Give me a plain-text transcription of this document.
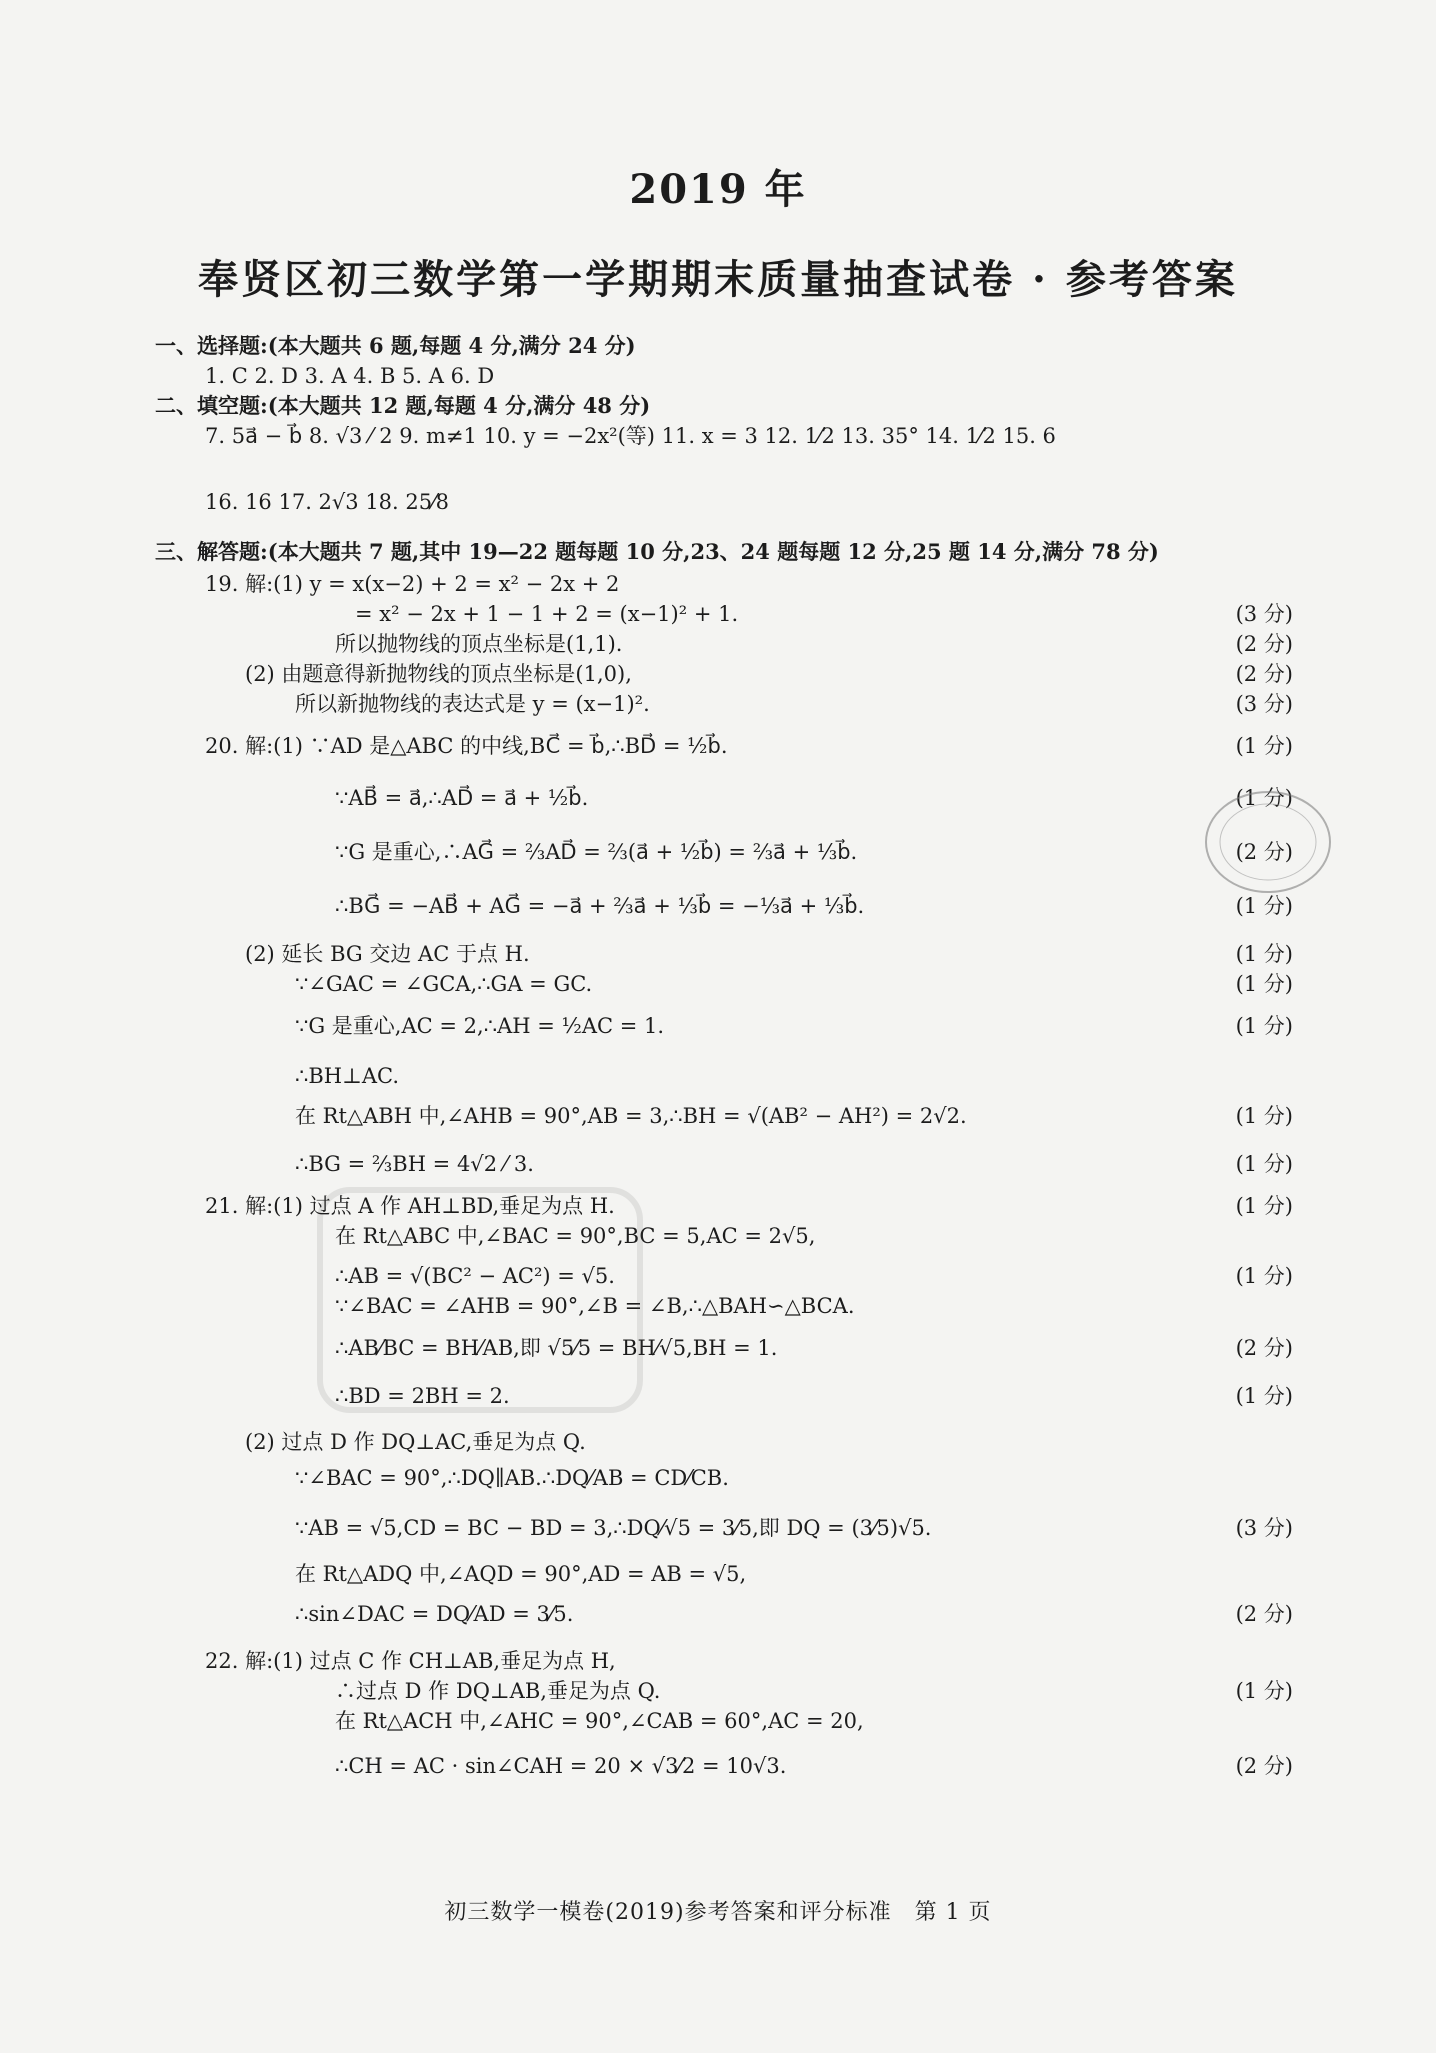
2019 年
奉贤区初三数学第一学期期末质量抽查试卷 · 参考答案
一、选择题:(本大题共 6 题,每题 4 分,满分 24 分)
1. C 2. D 3. A 4. B 5. A 6. D
二、填空题:(本大题共 12 题,每题 4 分,满分 48 分)
7. 5a⃗ − b⃗ 8. √3 ⁄ 2 9. m≠1 10. y = −2x²(等) 11. x = 3 12. 1⁄2 13. 35° 14. 1⁄2 15. 6
16. 16 17. 2√3 18. 25⁄8
三、解答题:(本大题共 7 题,其中 19—22 题每题 10 分,23、24 题每题 12 分,25 题 14 分,满分 78 分)
19. 解:(1) y = x(x−2) + 2 = x² − 2x + 2
= x² − 2x + 1 − 1 + 2 = (x−1)² + 1.	(3 分)
所以抛物线的顶点坐标是(1,1).	(2 分)
(2) 由题意得新抛物线的顶点坐标是(1,0),	(2 分)
所以新抛物线的表达式是 y = (x−1)².	(3 分)
20. 解:(1) ∵AD 是△ABC 的中线,BC⃗ = b⃗,∴BD⃗ = ½b⃗.	(1 分)
∵AB⃗ = a⃗,∴AD⃗ = a⃗ + ½b⃗.	(1 分)
∵G 是重心,∴AG⃗ = ⅔AD⃗ = ⅔(a⃗ + ½b⃗) = ⅔a⃗ + ⅓b⃗.	(2 分)
∴BG⃗ = −AB⃗ + AG⃗ = −a⃗ + ⅔a⃗ + ⅓b⃗ = −⅓a⃗ + ⅓b⃗.	(1 分)
(2) 延长 BG 交边 AC 于点 H.	(1 分)
∵∠GAC = ∠GCA,∴GA = GC.	(1 分)
∵G 是重心,AC = 2,∴AH = ½AC = 1.	(1 分)
∴BH⊥AC.
在 Rt△ABH 中,∠AHB = 90°,AB = 3,∴BH = √(AB² − AH²) = 2√2.	(1 分)
∴BG = ⅔BH = 4√2 ⁄ 3.	(1 分)
21. 解:(1) 过点 A 作 AH⊥BD,垂足为点 H.	(1 分)
在 Rt△ABC 中,∠BAC = 90°,BC = 5,AC = 2√5,
∴AB = √(BC² − AC²) = √5.	(1 分)
∵∠BAC = ∠AHB = 90°,∠B = ∠B,∴△BAH∽△BCA.
∴AB⁄BC = BH⁄AB,即 √5⁄5 = BH⁄√5,BH = 1.	(2 分)
∴BD = 2BH = 2.	(1 分)
(2) 过点 D 作 DQ⊥AC,垂足为点 Q.
∵∠BAC = 90°,∴DQ∥AB.∴DQ⁄AB = CD⁄CB.
∵AB = √5,CD = BC − BD = 3,∴DQ⁄√5 = 3⁄5,即 DQ = (3⁄5)√5.	(3 分)
在 Rt△ADQ 中,∠AQD = 90°,AD = AB = √5,
∴sin∠DAC = DQ⁄AD = 3⁄5.	(2 分)
22. 解:(1) 过点 C 作 CH⊥AB,垂足为点 H,
∴过点 D 作 DQ⊥AB,垂足为点 Q.	(1 分)
在 Rt△ACH 中,∠AHC = 90°,∠CAB = 60°,AC = 20,
∴CH = AC · sin∠CAH = 20 × √3⁄2 = 10√3.	(2 分)
初三数学一模卷(2019)参考答案和评分标准　第 1 页
